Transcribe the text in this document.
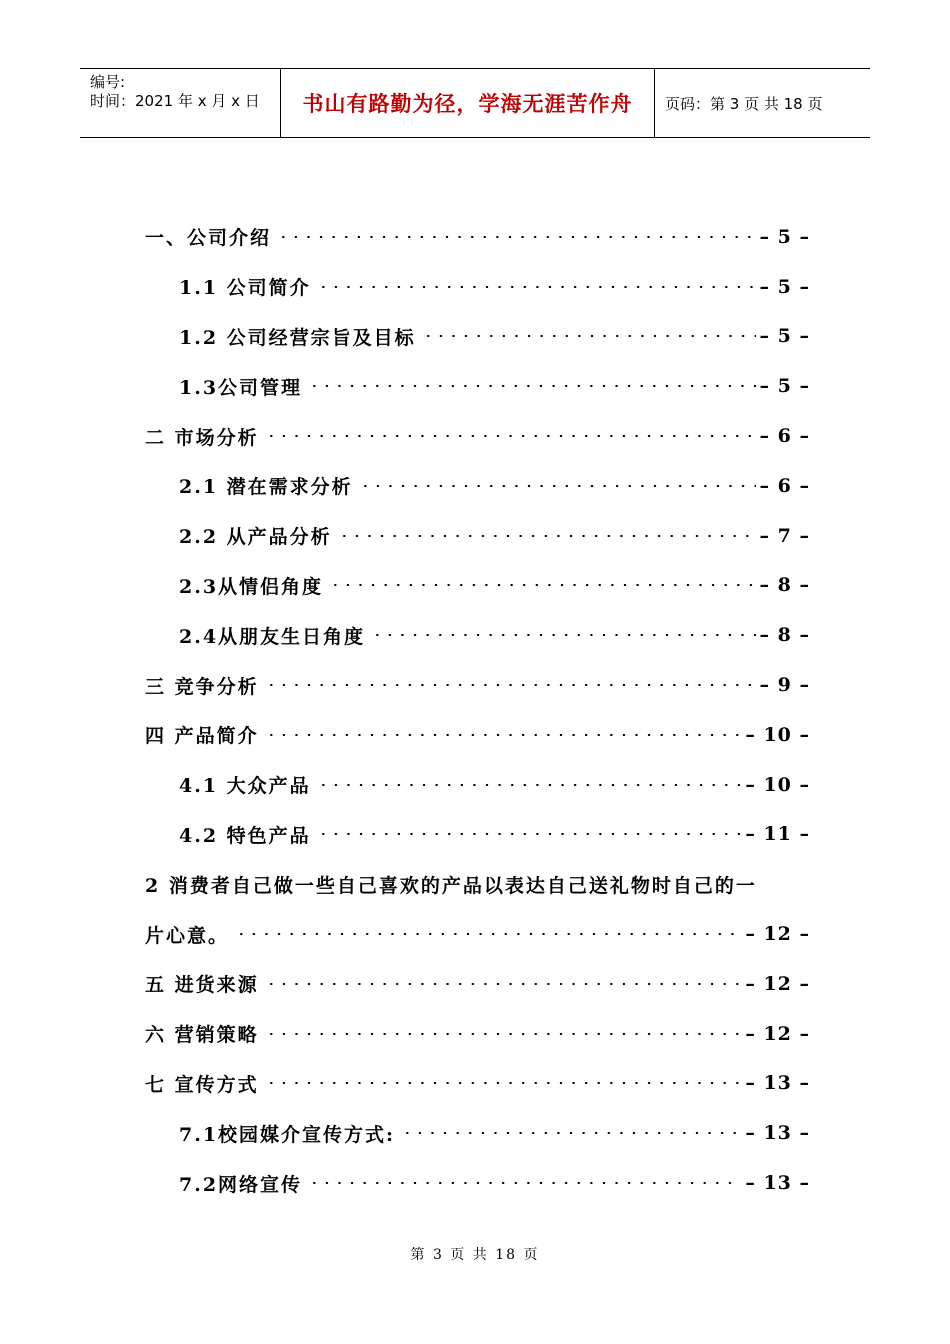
编号:
时间：2021 年 x 月 x 日	书山有路勤为径，学海无涯苦作舟	页码：第 3 页 共 18 页
一、公司介绍	– 5 –
1.1 公司简介	– 5 –
1.2 公司经营宗旨及目标	– 5 –
1.3公司管理	– 5 –
二 市场分析	– 6 –
2.1 潜在需求分析	– 6 –
2.2 从产品分析	– 7 –
2.3从情侣角度	– 8 –
2.4从朋友生日角度	– 8 –
三 竞争分析	– 9 –
四 产品简介	– 10 –
4.1 大众产品	– 10 –
4.2 特色产品	– 11 –
2 消费者自己做一些自己喜欢的产品以表达自己送礼物时自己的一
片心意。	– 12 –
五 进货来源	– 12 –
六 营销策略	– 12 –
七 宣传方式	– 13 –
7.1校园媒介宣传方式:	– 13 –
7.2网络宣传	– 13 –
第 3 页 共 18 页
